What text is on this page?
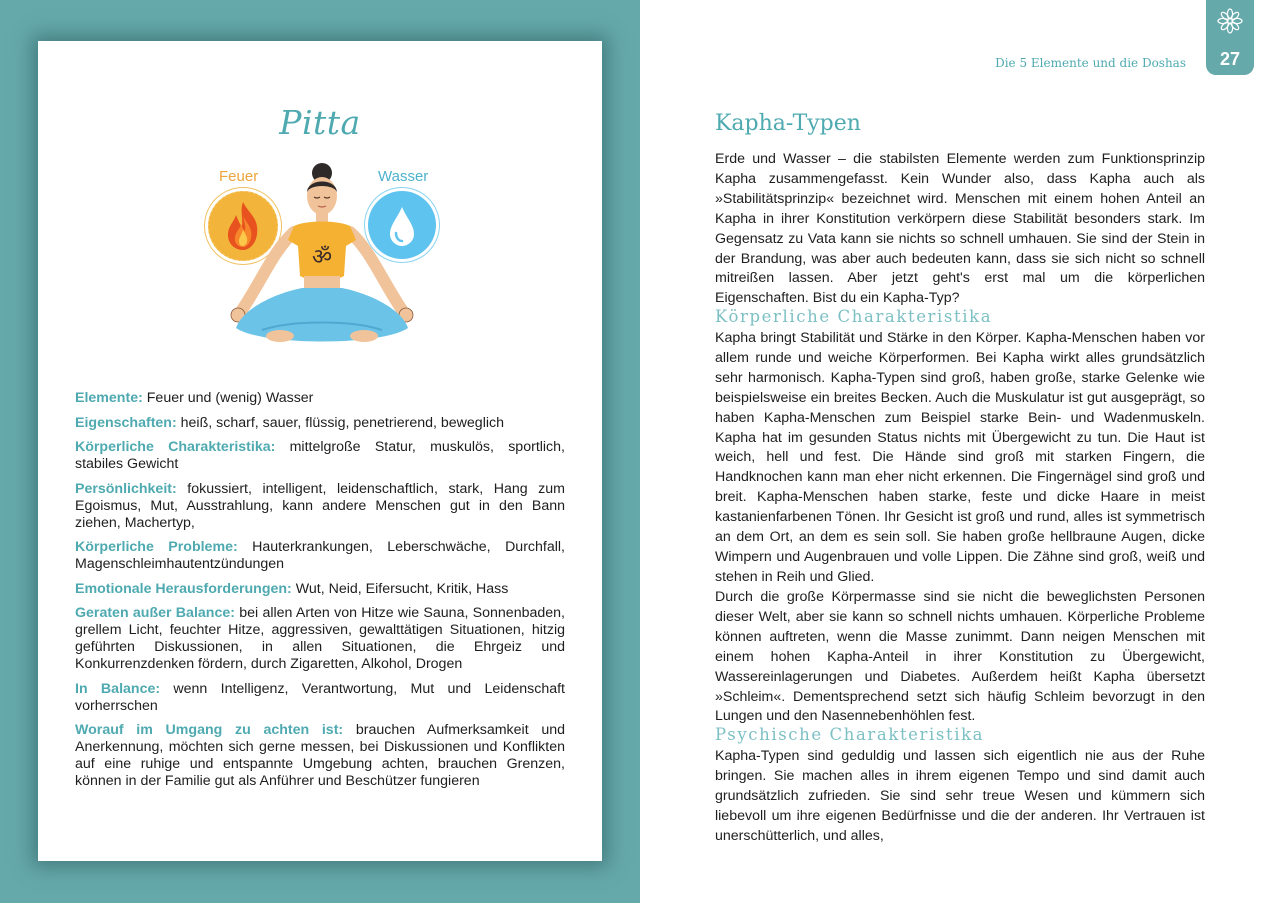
Pitta
Feuer	Wasser
ॐ

Elemente: Feuer und (wenig) Wasser

Eigenschaften: heiß, scharf, sauer, flüssig, penetrierend, beweglich

Körperliche Charakteristika: mittelgroße Statur, muskulös, sportlich, stabiles Gewicht

Persönlichkeit: fokussiert, intelligent, leidenschaftlich, stark, Hang zum Egoismus, Mut, Ausstrahlung, kann andere Menschen gut in den Bann ziehen, Machertyp,

Körperliche Probleme: Hauterkrankungen, Leberschwäche, Durchfall, Magenschleimhautentzündungen

Emotionale Herausforderungen: Wut, Neid, Eifersucht, Kritik, Hass

Geraten außer Balance: bei allen Arten von Hitze wie Sauna, Sonnenbaden, grellem Licht, feuchter Hitze, aggressiven, gewalttätigen Situationen, hitzig geführten Diskussionen, in allen Situationen, die Ehrgeiz und Konkurrenzdenken fördern, durch Zigaretten, Alkohol, Drogen

In Balance: wenn Intelligenz, Verantwortung, Mut und Leidenschaft vorherrschen

Worauf im Umgang zu achten ist: brauchen Aufmerksamkeit und Anerkennung, möchten sich gerne messen, bei Diskussionen und Konflikten auf eine ruhige und entspannte Umgebung achten, brauchen Grenzen, können in der Familie gut als Anführer und Beschützer fungieren

Die 5 Elemente und die Doshas	27
Kapha-Typen
Erde und Wasser – die stabilsten Elemente werden zum Funktionsprinzip Kapha zusammengefasst. Kein Wunder also, dass Kapha auch als »Stabilitätsprinzip« bezeichnet wird. Menschen mit einem hohen Anteil an Kapha in ihrer Konstitution verkörpern diese Stabilität besonders stark. Im Gegensatz zu Vata kann sie nichts so schnell umhauen. Sie sind der Stein in der Brandung, was aber auch bedeuten kann, dass sie sich nicht so schnell mitreißen lassen. Aber jetzt geht's erst mal um die körperlichen Eigenschaften. Bist du ein Kapha-Typ?
Körperliche Charakteristika
Kapha bringt Stabilität und Stärke in den Körper. Kapha-Menschen haben vor allem runde und weiche Körperformen. Bei Kapha wirkt alles grundsätzlich sehr harmonisch. Kapha-Typen sind groß, haben große, starke Gelenke wie beispielsweise ein breites Becken. Auch die Muskulatur ist gut ausgeprägt, so haben Kapha-Menschen zum Beispiel starke Bein- und Wadenmuskeln. Kapha hat im gesunden Status nichts mit Übergewicht zu tun. Die Haut ist weich, hell und fest. Die Hände sind groß mit starken Fingern, die Handknochen kann man eher nicht erkennen. Die Fingernägel sind groß und breit. Kapha-Menschen haben starke, feste und dicke Haare in meist kastanienfarbenen Tönen. Ihr Gesicht ist groß und rund, alles ist symmetrisch an dem Ort, an dem es sein soll. Sie haben große hellbraune Augen, dicke Wimpern und Augenbrauen und volle Lippen. Die Zähne sind groß, weiß und stehen in Reih und Glied.
Durch die große Körpermasse sind sie nicht die beweglichsten Personen dieser Welt, aber sie kann so schnell nichts umhauen. Körperliche Probleme können auftreten, wenn die Masse zunimmt. Dann neigen Menschen mit einem hohen Kapha-Anteil in ihrer Konstitution zu Übergewicht, Wassereinlagerungen und Diabetes. Außerdem heißt Kapha übersetzt »Schleim«. Dementsprechend setzt sich häufig Schleim bevorzugt in den Lungen und den Nasennebenhöhlen fest.
Psychische Charakteristika
Kapha-Typen sind geduldig und lassen sich eigentlich nie aus der Ruhe bringen. Sie machen alles in ihrem eigenen Tempo und sind damit auch grundsätzlich zufrieden. Sie sind sehr treue Wesen und kümmern sich liebevoll um ihre eigenen Bedürfnisse und die der anderen. Ihr Vertrauen ist unerschütterlich, und alles,
